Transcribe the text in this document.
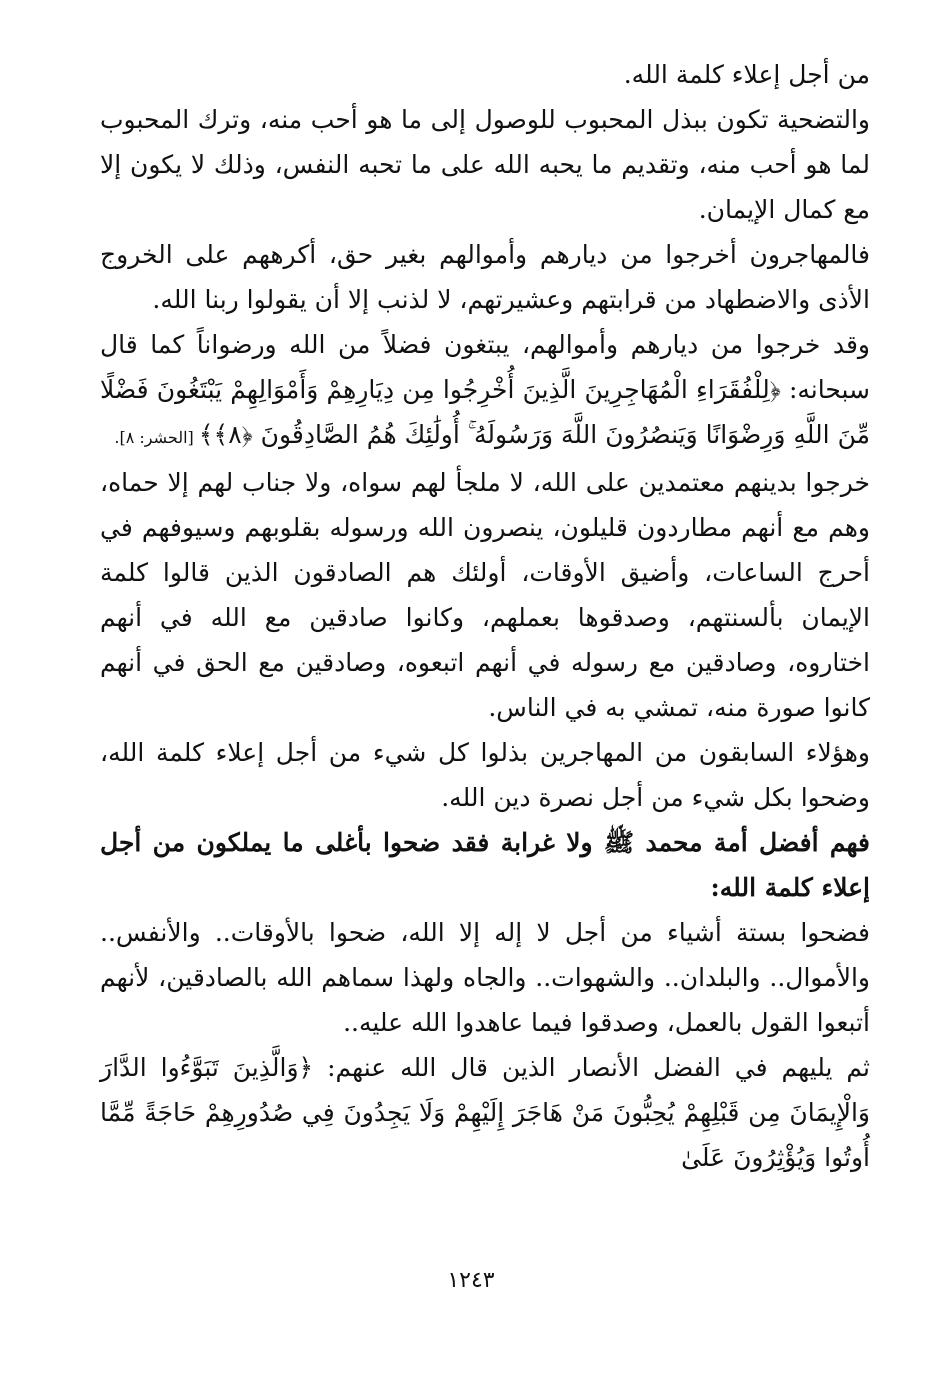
من أجل إعلاء كلمة الله.

والتضحية تكون ببذل المحبوب للوصول إلى ما هو أحب منه، وترك المحبوب لما هو أحب منه، وتقديم ما يحبه الله على ما تحبه النفس، وذلك لا يكون إلا مع كمال الإيمان.

فالمهاجرون أخرجوا من ديارهم وأموالهم بغير حق، أكرههم على الخروج الأذى والاضطهاد من قرابتهم وعشيرتهم، لا لذنب إلا أن يقولوا ربنا الله.

وقد خرجوا من ديارهم وأموالهم، يبتغون فضلاً من الله ورضواناً كما قال سبحانه: ﴿لِلْفُقَرَاءِ الْمُهَاجِرِينَ الَّذِينَ أُخْرِجُوا مِن دِيَارِهِمْ وَأَمْوَالِهِمْ يَبْتَغُونَ فَضْلًا مِّنَ اللَّهِ وَرِضْوَانًا وَيَنصُرُونَ اللَّهَ وَرَسُولَهُ ۚ أُولَٰئِكَ هُمُ الصَّادِقُونَ ﴿٨﴾﴾ [الحشر: ٨].

خرجوا بدينهم معتمدين على الله، لا ملجأ لهم سواه، ولا جناب لهم إلا حماه، وهم مع أنهم مطاردون قليلون، ينصرون الله ورسوله بقلوبهم وسيوفهم في أحرج الساعات، وأضيق الأوقات، أولئك هم الصادقون الذين قالوا كلمة الإيمان بألسنتهم، وصدقوها بعملهم، وكانوا صادقين مع الله في أنهم اختاروه، وصادقين مع رسوله في أنهم اتبعوه، وصادقين مع الحق في أنهم كانوا صورة منه، تمشي به في الناس.

وهؤلاء السابقون من المهاجرين بذلوا كل شيء من أجل إعلاء كلمة الله، وضحوا بكل شيء من أجل نصرة دين الله.

فهم أفضل أمة محمد ﷺ ولا غرابة فقد ضحوا بأغلى ما يملكون من أجل إعلاء كلمة الله:

فضحوا بستة أشياء من أجل لا إله إلا الله، ضحوا بالأوقات.. والأنفس.. والأموال.. والبلدان.. والشهوات.. والجاه ولهذا سماهم الله بالصادقين، لأنهم أتبعوا القول بالعمل، وصدقوا فيما عاهدوا الله عليه..

ثم يليهم في الفضل الأنصار الذين قال الله عنهم: ﴿وَالَّذِينَ تَبَوَّءُوا الدَّارَ وَالْإِيمَانَ مِن قَبْلِهِمْ يُحِبُّونَ مَنْ هَاجَرَ إِلَيْهِمْ وَلَا يَجِدُونَ فِي صُدُورِهِمْ حَاجَةً مِّمَّا أُوتُوا وَيُؤْثِرُونَ عَلَىٰ

١٢٤٣
